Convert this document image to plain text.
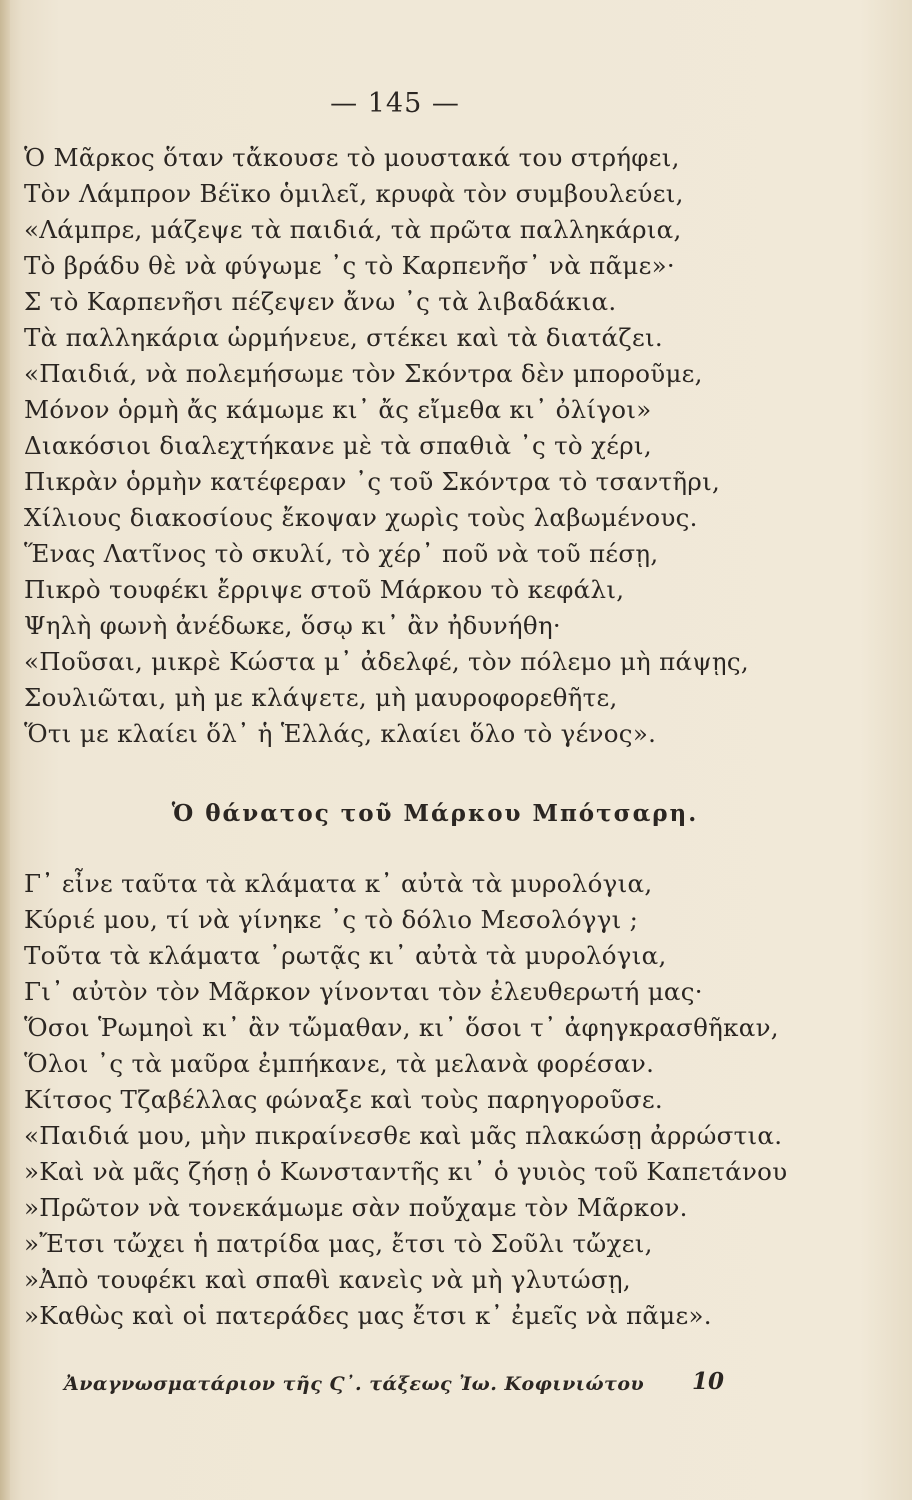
— 145 —
Ὁ Μᾶρκος ὅταν τἄκουσε τὸ μουστακά του στρήφει,
Τὸν Λάμπρον Βέϊκο ὁμιλεῖ, κρυφὰ τὸν συμβουλεύει,
«Λάμπρε, μάζεψε τὰ παιδιά, τὰ πρῶτα παλληκάρια,
Τὸ βράδυ θὲ νὰ φύγωμε ᾿ς τὸ Καρπενῆσ᾿ νὰ πᾶμε»·
Σ τὸ Καρπενῆσι πέζεψεν ἄνω ᾿ς τὰ λιβαδάκια.
Τὰ παλληκάρια ὡρμήνευε, στέκει καὶ τὰ διατάζει.
«Παιδιά, νὰ πολεμήσωμε τὸν Σκόντρα δὲν μποροῦμε,
Μόνον ὁρμὴ ἄς κάμωμε κι᾿ ἄς εἴμεθα κι᾿ ὀλίγοι»
Διακόσιοι διαλεχτήκανε μὲ τὰ σπαθιὰ ᾿ς τὸ χέρι,
Πικρὰν ὁρμὴν κατέφεραν ᾿ς τοῦ Σκόντρα τὸ τσαντῆρι,
Χίλιους διακοσίους ἔκοψαν χωρὶς τοὺς λαβωμένους.
Ἕνας Λατῖνος τὸ σκυλί, τὸ χέρ᾿ ποῦ νὰ τοῦ πέσῃ,
Πικρὸ τουφέκι ἔρριψε στοῦ Μάρκου τὸ κεφάλι,
Ψηλὴ φωνὴ ἀνέδωκε, ὅσῳ κι᾿ ἂν ἠδυνήθη·
«Ποῦσαι, μικρὲ Κώστα μ᾿ ἀδελφέ, τὸν πόλεμο μὴ πάψῃς,
Σουλιῶται, μὴ με κλάψετε, μὴ μαυροφορεθῆτε,
Ὅτι με κλαίει ὅλ᾿ ἡ Ἑλλάς, κλαίει ὅλο τὸ γένος».
Ὁ θάνατος τοῦ Μάρκου Μπότσαρη.
Γ᾿ εἶνε ταῦτα τὰ κλάματα κ᾿ αὐτὰ τὰ μυρολόγια,
Κύριέ μου, τί νὰ γίνηκε ᾿ς τὸ δόλιο Μεσολόγγι ;
Τοῦτα τὰ κλάματα ᾿ρωτᾷς κι᾿ αὐτὰ τὰ μυρολόγια,
Γι᾿ αὐτὸν τὸν Μᾶρκον γίνονται τὸν ἐλευθερωτή μας·
Ὅσοι Ῥωμηοὶ κι᾿ ἂν τὤμαθαν, κι᾿ ὅσοι τ᾿ ἀφηγκρασθῆκαν,
Ὅλοι ᾿ς τὰ μαῦρα ἐμπήκανε, τὰ μελανὰ φορέσαν.
Κίτσος Τζαβέλλας φώναξε καὶ τοὺς παρηγοροῦσε.
«Παιδιά μου, μὴν πικραίνεσθε καὶ μᾶς πλακώσῃ ἀρρώστια.
»Καὶ νὰ μᾶς ζήσῃ ὁ Κωνσταντῆς κι᾿ ὁ γυιὸς τοῦ Καπετάνου
»Πρῶτον νὰ τονεκάμωμε σὰν ποὔχαμε τὸν Μᾶρκον.
»Ἔτσι τὤχει ἡ πατρίδα μας, ἔτσι τὸ Σοῦλι τὤχει,
»Ἀπὸ τουφέκι καὶ σπαθὶ κανεὶς νὰ μὴ γλυτώσῃ,
»Καθὼς καὶ οἱ πατεράδες μας ἔτσι κ᾿ ἐμεῖς νὰ πᾶμε».
Ἀναγνωσματάριον τῆς Ϛ᾿. τάξεως Ἰω. Κοφινιώτου 10
